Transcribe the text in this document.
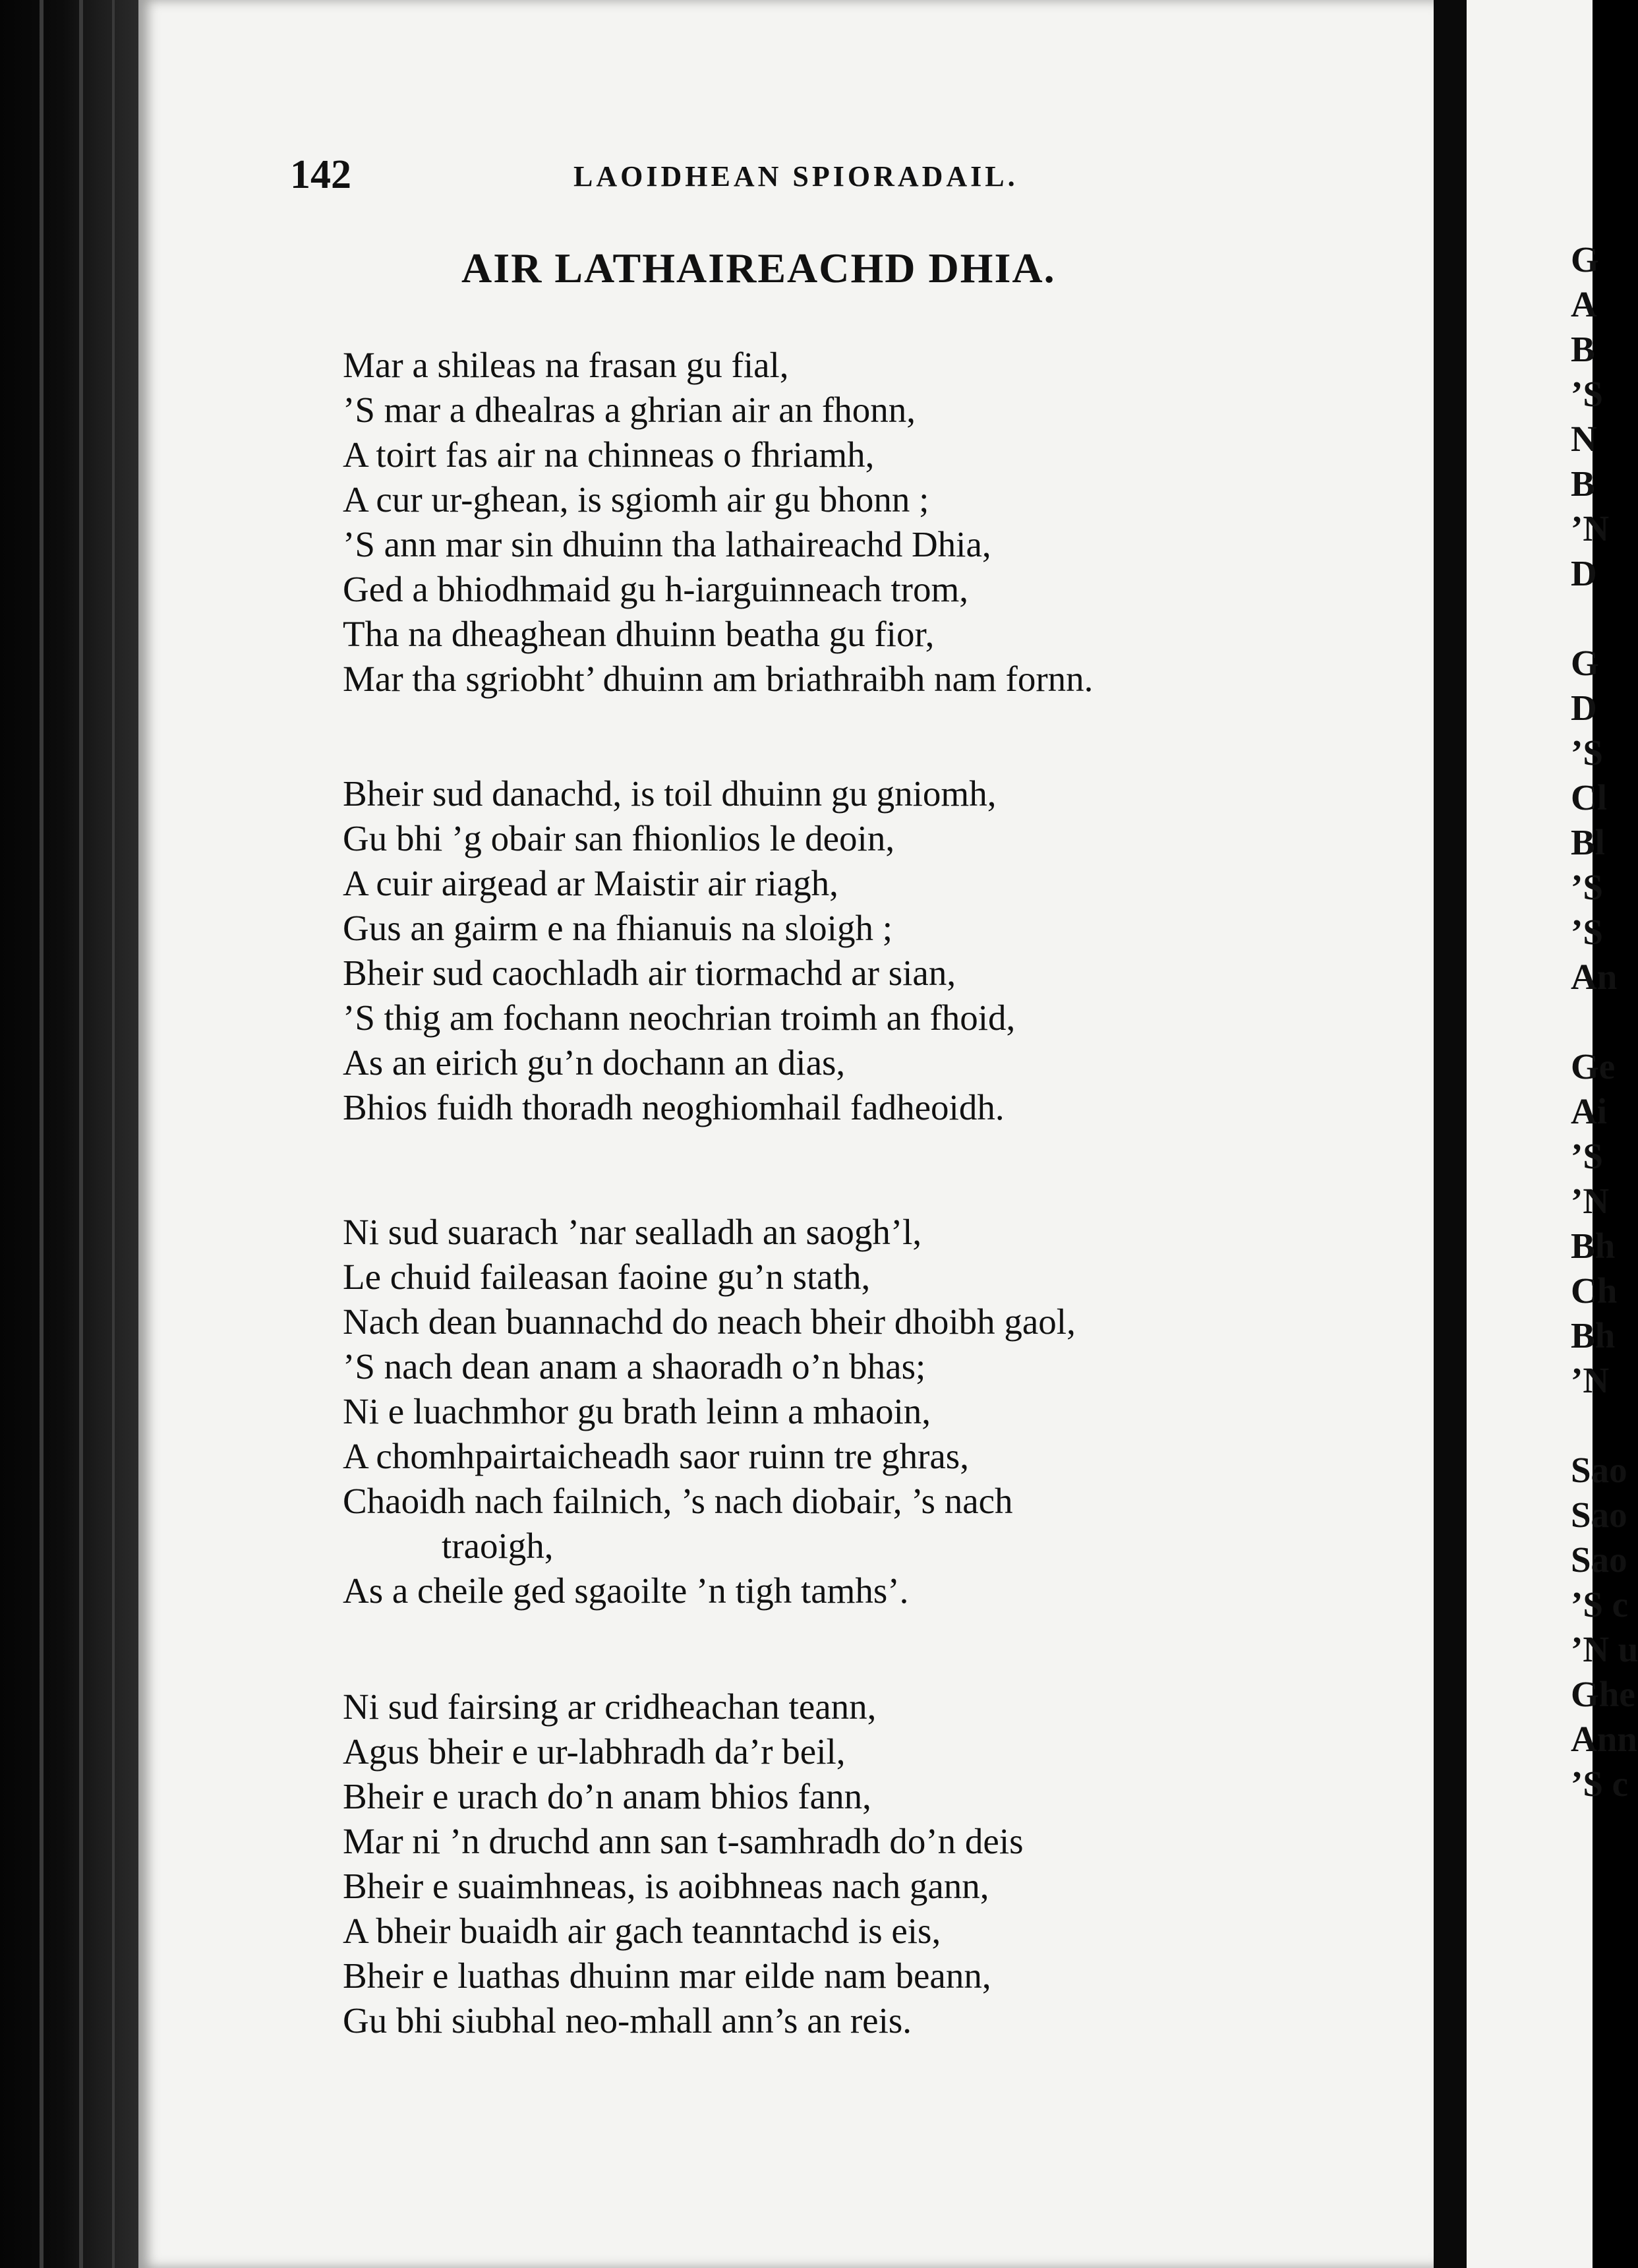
142	LAOIDHEAN SPIORADAIL.
AIR LATHAIREACHD DHIA.
Mar a shileas na frasan gu fial,
’S mar a dhealras a ghrian air an fhonn,
A toirt fas air na chinneas o fhriamh,
A cur ur-ghean, is sgiomh air gu bhonn ;
’S ann mar sin dhuinn tha lathaireachd Dhia,
Ged a bhiodhmaid gu h-iarguinneach trom,
Tha na dheaghean dhuinn beatha gu fior,
Mar tha sgriobht’ dhuinn am briathraibh nam fornn.
Bheir sud danachd, is toil dhuinn gu gniomh,
Gu bhi ’g obair san fhionlios le deoin,
A cuir airgead ar Maistir air riagh,
Gus an gairm e na fhianuis na sloigh ;
Bheir sud caochladh air tiormachd ar sian,
’S thig am fochann neochrian troimh an fhoid,
As an eirich gu’n dochann an dias,
Bhios fuidh thoradh neoghiomhail fadheoidh.
Ni sud suarach ’nar sealladh an saogh’l,
Le chuid faileasan faoine gu’n stath,
Nach dean buannachd do neach bheir dhoibh gaol,
’S nach dean anam a shaoradh o’n bhas;
Ni e luachmhor gu brath leinn a mhaoin,
A chomhpairtaicheadh saor ruinn tre ghras,
Chaoidh nach failnich, ’s nach diobair, ’s nach
traoigh,
As a cheile ged sgaoilte ’n tigh tamhs’.
Ni sud fairsing ar cridheachan teann,
Agus bheir e ur-labhradh da’r beil,
Bheir e urach do’n anam bhios fann,
Mar ni ’n druchd ann san t-samhradh do’n deis
Bheir e suaimhneas, is aoibhneas nach gann,
A bheir buaidh air gach teanntachd is eis,
Bheir e luathas dhuinn mar eilde nam beann,
Gu bhi siubhal neo-mhall ann’s an reis.
G
A
B
’S
N
B
’N
D
G
D
’S
Cl
Bl
’S
’S
An
Ge
Ai
’S
’N
Bh
Ch
Bh
’N
Sao
Sao
Sao
’S c
’N u
Ghe
Ann
’S c
